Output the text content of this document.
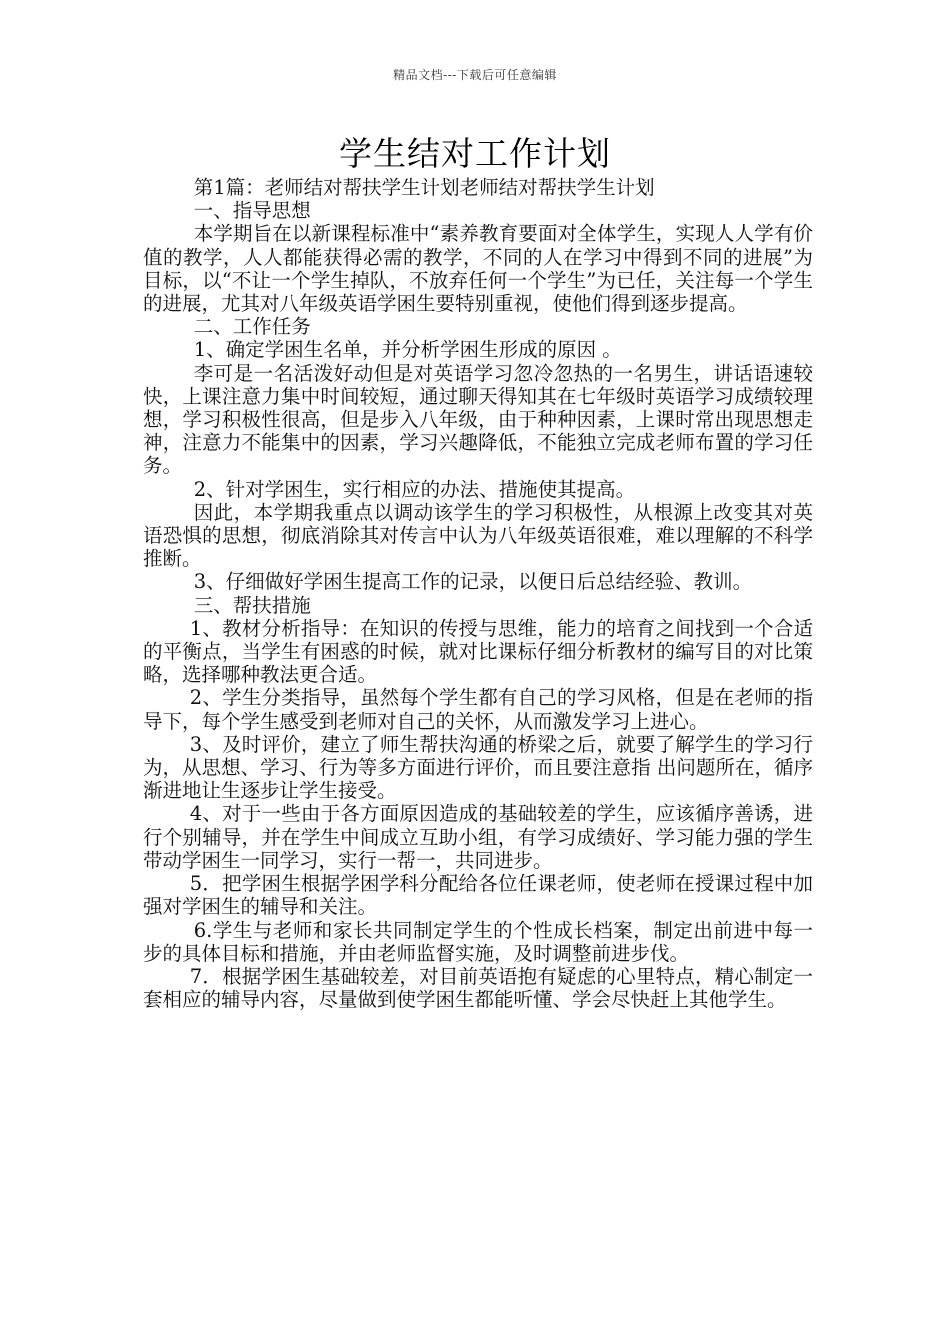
精品文档---下载后可任意编辑
学生结对工作计划

第1篇：老师结对帮扶学生计划老师结对帮扶学生计划

一、指导思想

本学期旨在以新课程标准中“素养教育要面对全体学生，实现人人学有价值的教学，人人都能获得必需的教学，不同的人在学习中得到不同的进展”为目标，以“不让一个学生掉队，不放弃任何一个学生”为已任，关注每一个学生的进展，尤其对八年级英语学困生要特别重视，使他们得到逐步提高。

二、工作任务

1、确定学困生名单，并分析学困生形成的原因 。

李可是一名活泼好动但是对英语学习忽冷忽热的一名男生，讲话语速较快，上课注意力集中时间较短，通过聊天得知其在七年级时英语学习成绩较理想，学习积极性很高，但是步入八年级，由于种种因素，上课时常出现思想走神，注意力不能集中的因素，学习兴趣降低，不能独立完成老师布置的学习任务。

2、针对学困生，实行相应的办法、措施使其提高。

因此，本学期我重点以调动该学生的学习积极性，从根源上改变其对英语恐惧的思想，彻底消除其对传言中认为八年级英语很难，难以理解的不科学推断。

3、仔细做好学困生提高工作的记录，以便日后总结经验、教训。

三、帮扶措施

1、教材分析指导：在知识的传授与思维，能力的培育之间找到一个合适的平衡点，当学生有困惑的时候，就对比课标仔细分析教材的编写目的对比策略，选择哪种教法更合适。

2、学生分类指导，虽然每个学生都有自己的学习风格，但是在老师的指导下，每个学生感受到老师对自己的关怀，从而激发学习上进心。

3、及时评价，建立了师生帮扶沟通的桥梁之后，就要了解学生的学习行为，从思想、学习、行为等多方面进行评价，而且要注意指 出问题所在，循序渐进地让生逐步让学生接受。

4、对于一些由于各方面原因造成的基础较差的学生，应该循序善诱，进行个别辅导，并在学生中间成立互助小组，有学习成绩好、学习能力强的学生带动学困生一同学习，实行一帮一，共同进步。

5．把学困生根据学困学科分配给各位任课老师，使老师在授课过程中加强对学困生的辅导和关注。

6.学生与老师和家长共同制定学生的个性成长档案，制定出前进中每一步的具体目标和措施，并由老师监督实施，及时调整前进步伐。

7．根据学困生基础较差，对目前英语抱有疑虑的心里特点，精心制定一套相应的辅导内容，尽量做到使学困生都能听懂、学会尽快赶上其他学生。
